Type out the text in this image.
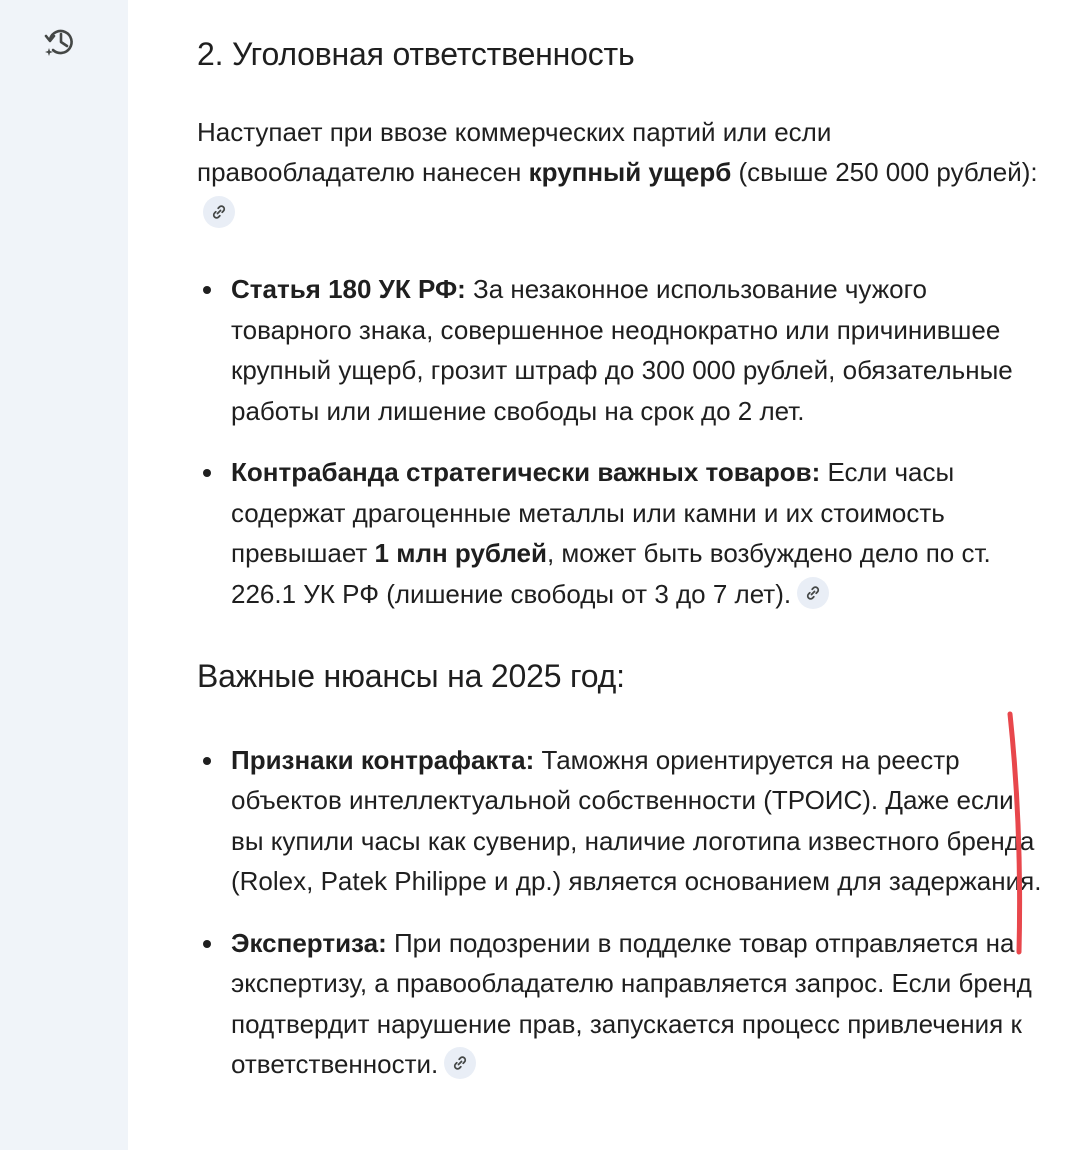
2. Уголовная ответственность

Наступает при ввозе коммерческих партий или если правообладателю нанесен крупный ущерб (свыше 250 000 рублей):

Статья 180 УК РФ: За незаконное использование чужого товарного знака, совершенное неоднократно или причинившее крупный ущерб, грозит штраф до 300 000 рублей, обязательные работы или лишение свободы на срок до 2 лет.
Контрабанда стратегически важных товаров: Если часы содержат драгоценные металлы или камни и их стоимость превышает 1 млн рублей, может быть возбуждено дело по ст. 226.1 УК РФ (лишение свободы от 3 до 7 лет).
Важные нюансы на 2025 год:
Признаки контрафакта: Таможня ориентируется на реестр объектов интеллектуальной собственности (ТРОИС). Даже если вы купили часы как сувенир, наличие логотипа известного бренда (Rolex, Patek Philippe и др.) является основанием для задержания.
Экспертиза: При подозрении в подделке товар отправляется на экспертизу, а правообладателю направляется запрос. Если бренд подтвердит нарушение прав, запускается процесс привлечения к ответственности.
